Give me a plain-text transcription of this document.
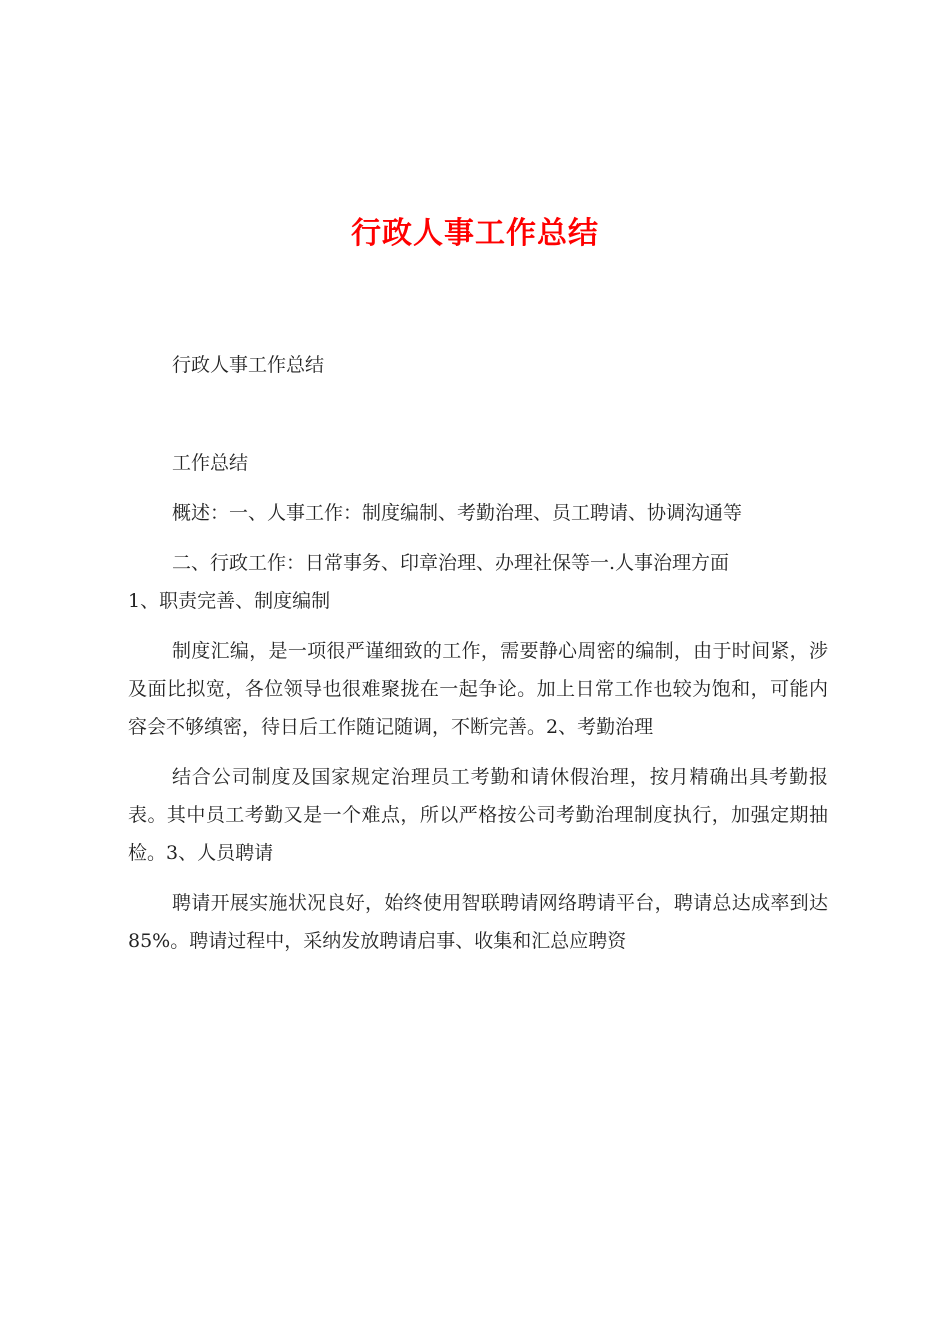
行政人事工作总结

行政人事工作总结

工作总结

概述：一、人事工作：制度编制、考勤治理、员工聘请、协调沟通等

二、行政工作：日常事务、印章治理、办理社保等一.人事治理方面

1、职责完善、制度编制

制度汇编，是一项很严谨细致的工作，需要静心周密的编制，由于时间紧，涉及面比拟宽，各位领导也很难聚拢在一起争论。加上日常工作也较为饱和，可能内容会不够缜密，待日后工作随记随调，不断完善。2、考勤治理

结合公司制度及国家规定治理员工考勤和请休假治理，按月精确出具考勤报表。其中员工考勤又是一个难点，所以严格按公司考勤治理制度执行，加强定期抽检。3、人员聘请

聘请开展实施状况良好，始终使用智联聘请网络聘请平台，聘请总达成率到达85%。聘请过程中，采纳发放聘请启事、收集和汇总应聘资
